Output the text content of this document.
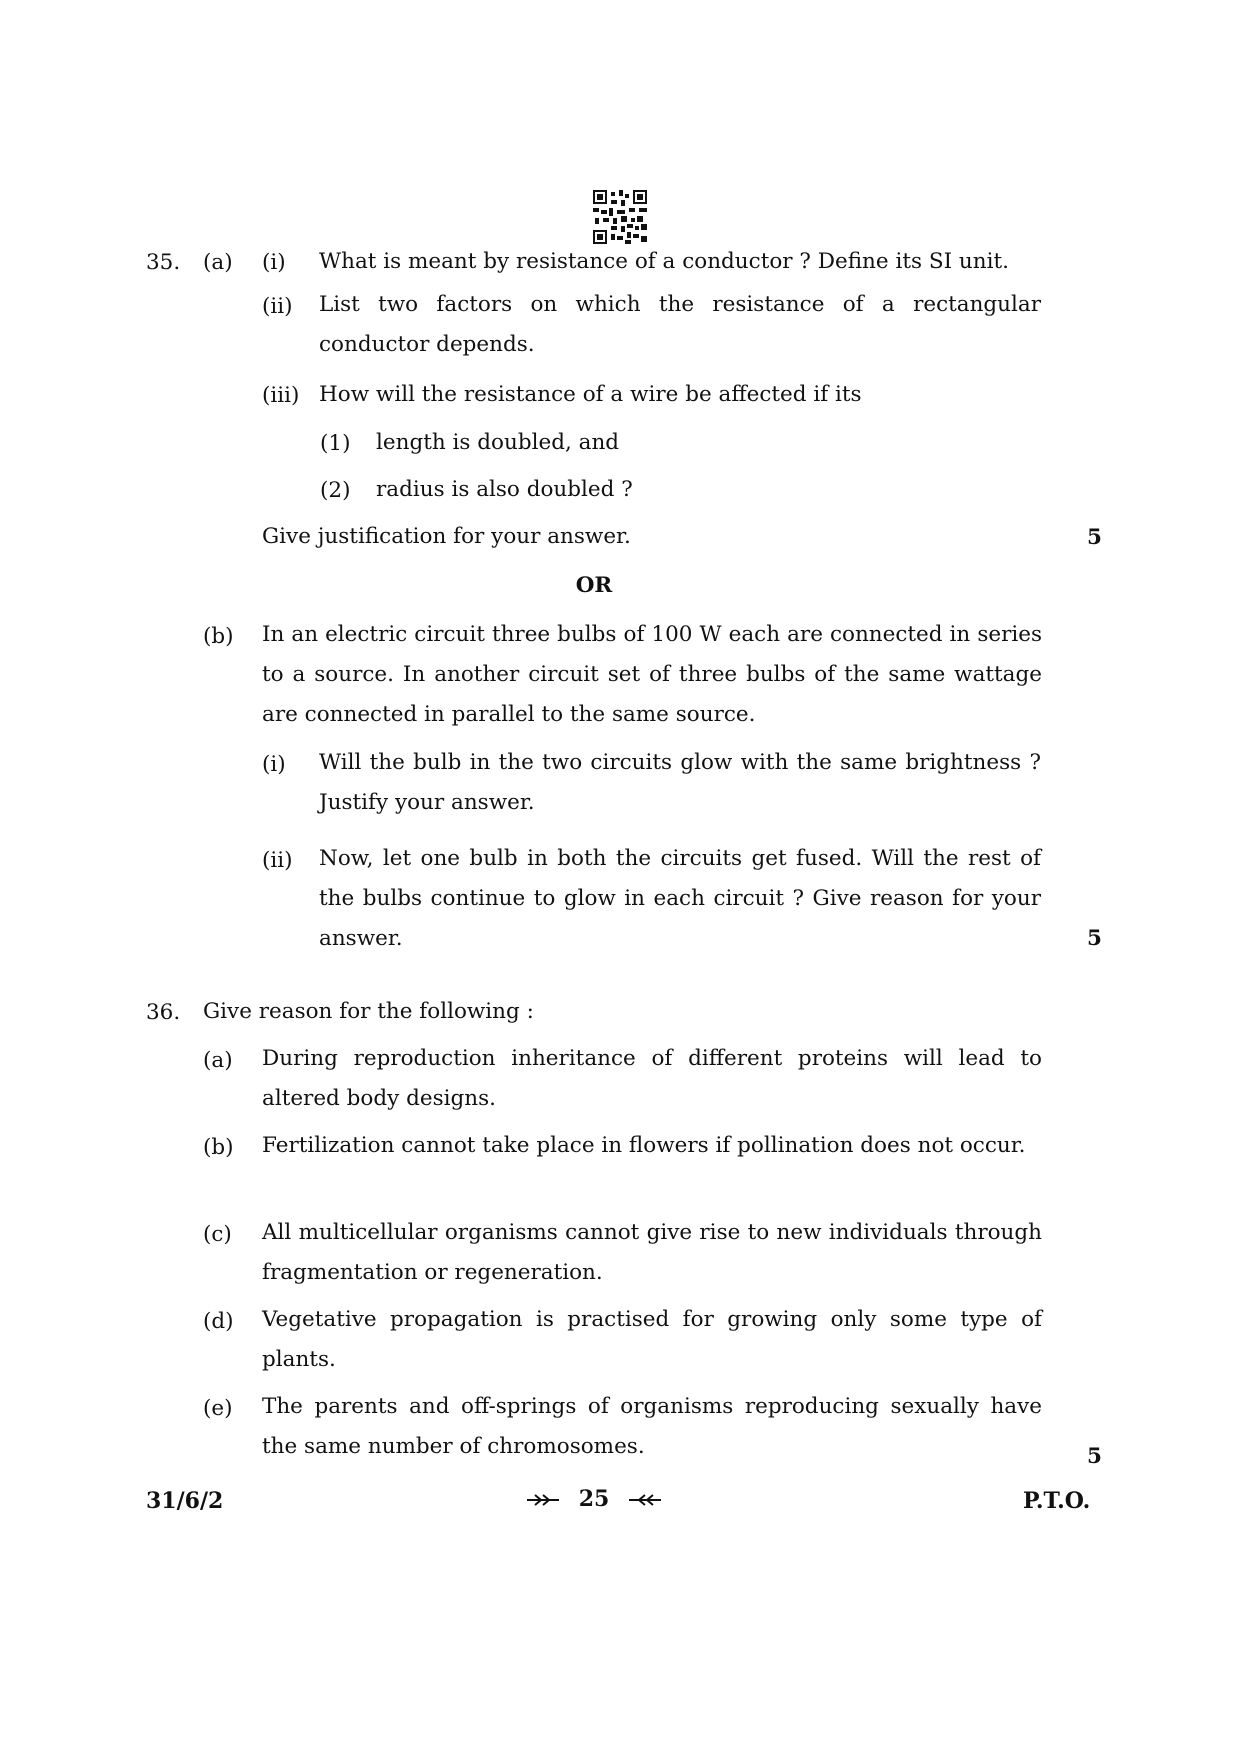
35. (a) (i) What is meant by resistance of a conductor ? Define its SI unit.
(ii) List two factors on which the resistance of a rectangular conductor depends.
(iii) How will the resistance of a wire be affected if its
(1) length is doubled, and
(2) radius is also doubled ?
Give justification for your answer.	5
OR
(b) In an electric circuit three bulbs of 100 W each are connected in series to a source. In another circuit set of three bulbs of the same wattage are connected in parallel to the same source.
(i) Will the bulb in the two circuits glow with the same brightness ? Justify your answer.
(ii) Now, let one bulb in both the circuits get fused. Will the rest of the bulbs continue to glow in each circuit ? Give reason for your answer.	5
36. Give reason for the following :
(a) During reproduction inheritance of different proteins will lead to altered body designs.
(b) Fertilization cannot take place in flowers if pollination does not occur.
(c) All multicellular organisms cannot give rise to new individuals through fragmentation or regeneration.
(d) Vegetative propagation is practised for growing only some type of plants.
(e) The parents and off-springs of organisms reproducing sexually have the same number of chromosomes.	5
31/6/2	25	P.T.O.
